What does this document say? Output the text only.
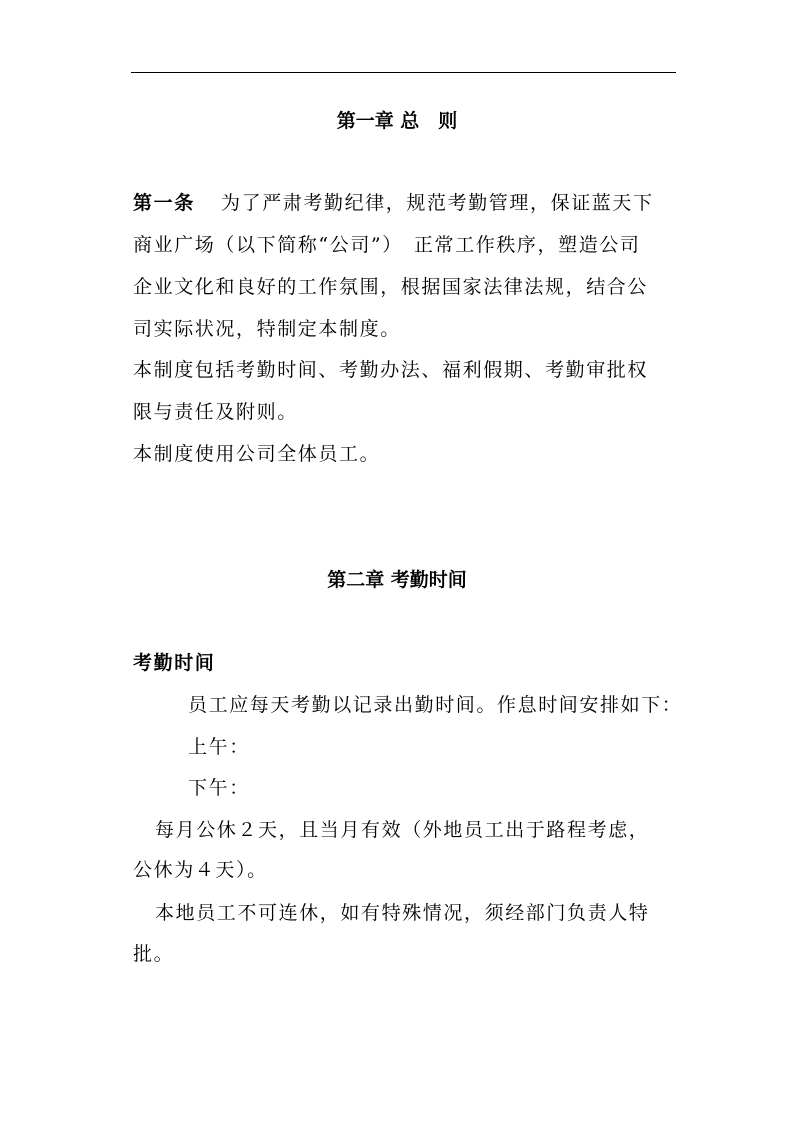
第一章 总　则
第一条 为了严肃考勤纪律，规范考勤管理，保证蓝天下
商业广场（以下简称“公司”）　正常工作秩序，塑造公司
企业文化和良好的工作氛围，根据国家法律法规，结合公
司实际状况，特制定本制度。
本制度包括考勤时间、考勤办法、福利假期、考勤审批权
限与责任及附则。
本制度使用公司全体员工。
第二章 考勤时间
考勤时间
员工应每天考勤以记录出勤时间。作息时间安排如下：
上午：
下午：
每月公休２天，且当月有效（外地员工出于路程考虑，
公休为４天）。
本地员工不可连休，如有特殊情况，须经部门负责人特
批。
